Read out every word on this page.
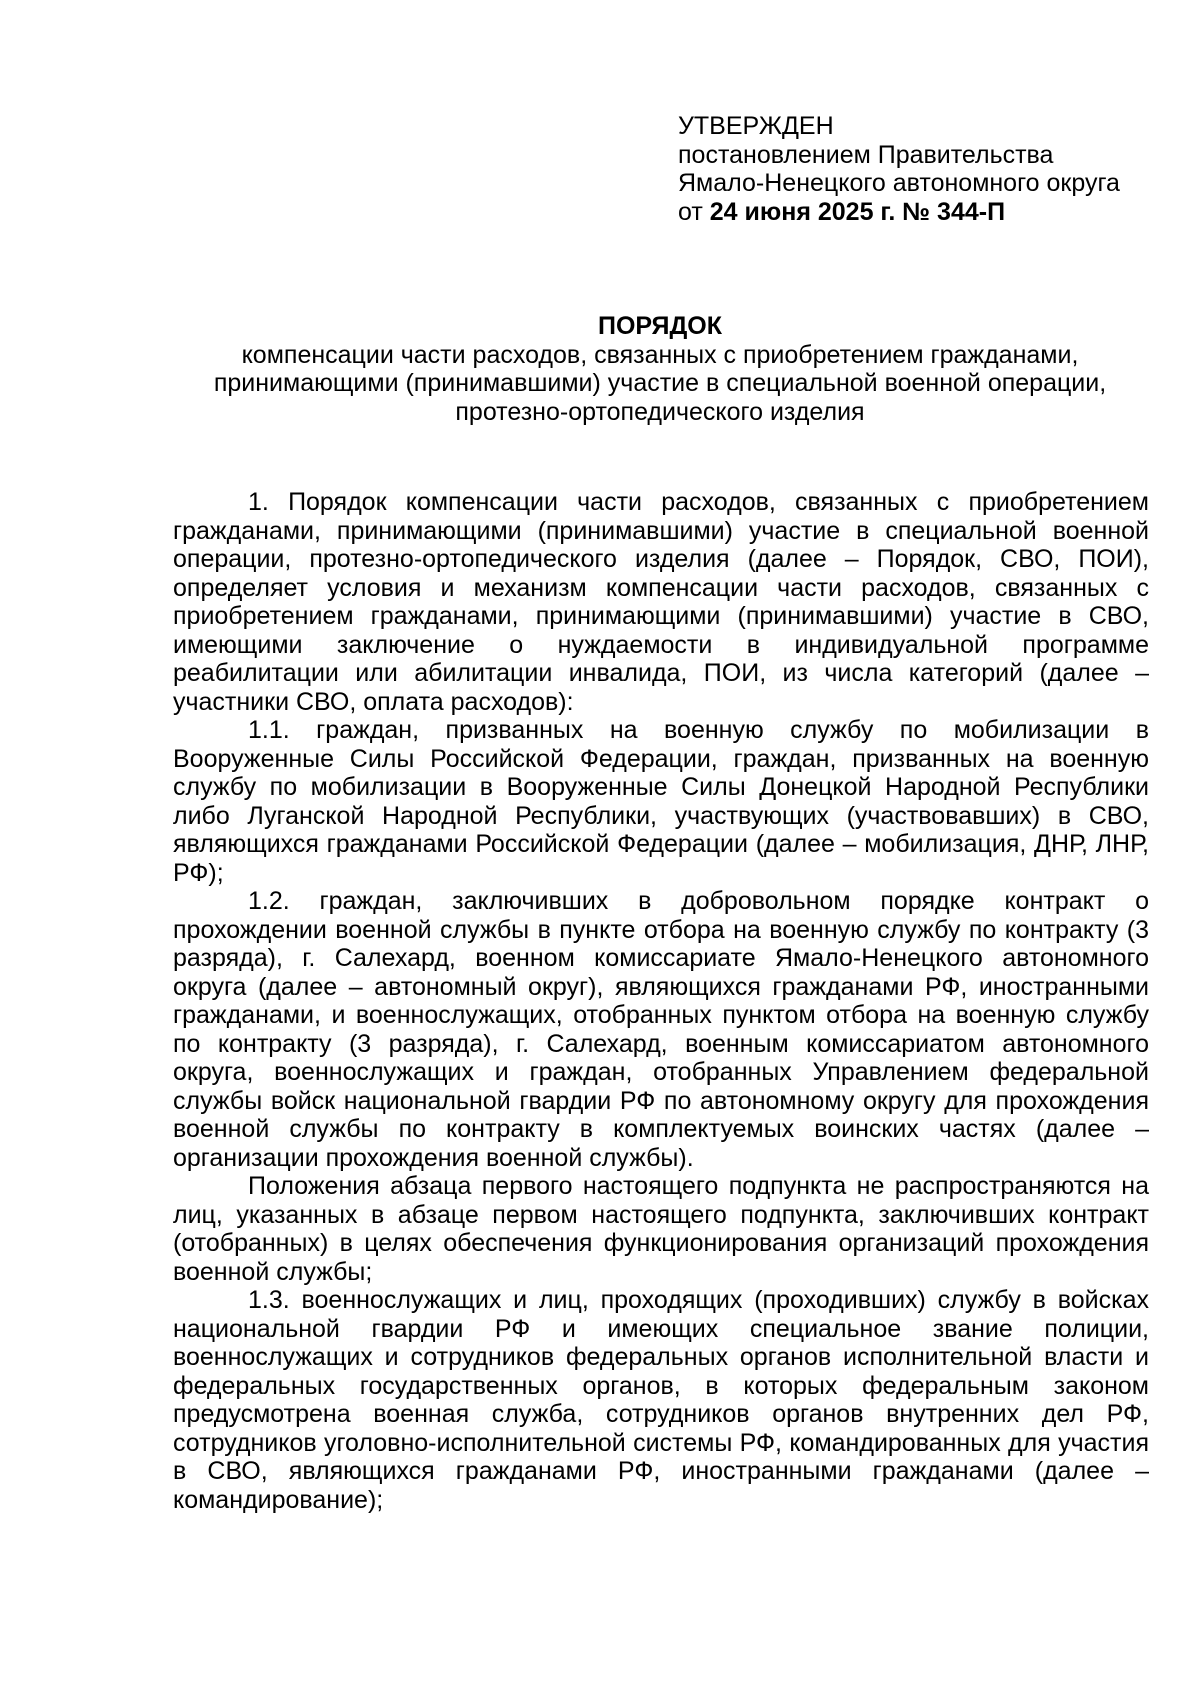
УТВЕРЖДЕН

постановлением Правительства

Ямало-Ненецкого автономного округа

от 24 июня 2025 г. № 344-П

ПОРЯДОК

компенсации части расходов, связанных с приобретением гражданами,

принимающими (принимавшими) участие в специальной военной операции,

протезно-ортопедического изделия

1. Порядок компенсации части расходов, связанных с приобретением гражданами, принимающими (принимавшими) участие в специальной военной операции, протезно-ортопедического изделия (далее – Порядок, СВО, ПОИ), определяет условия и механизм компенсации части расходов, связанных с приобретением гражданами, принимающими (принимавшими) участие в СВО, имеющими заключение о нуждаемости в индивидуальной программе реабилитации или абилитации инвалида, ПОИ, из числа категорий (далее – участники СВО, оплата расходов):

1.1. граждан, призванных на военную службу по мобилизации в Вооруженные Силы Российской Федерации, граждан, призванных на военную службу по мобилизации в Вооруженные Силы Донецкой Народной Республики либо Луганской Народной Республики, участвующих (участвовавших) в СВО, являющихся гражданами Российской Федерации (далее – мобилизация, ДНР, ЛНР, РФ);

1.2. граждан, заключивших в добровольном порядке контракт о прохождении военной службы в пункте отбора на военную службу по контракту (3 разряда), г. Салехард, военном комиссариате Ямало-Ненецкого автономного округа (далее – автономный округ), являющихся гражданами РФ, иностранными гражданами, и военнослужащих, отобранных пунктом отбора на военную службу по контракту (3 разряда), г. Салехард, военным комиссариатом автономного округа, военнослужащих и граждан, отобранных Управлением федеральной службы войск национальной гвардии РФ по автономному округу для прохождения военной службы по контракту в комплектуемых воинских частях (далее – организации прохождения военной службы).

Положения абзаца первого настоящего подпункта не распространяются на лиц, указанных в абзаце первом настоящего подпункта, заключивших контракт (отобранных) в целях обеспечения функционирования организаций прохождения военной службы;

1.3. военнослужащих и лиц, проходящих (проходивших) службу в войсках национальной гвардии РФ и имеющих специальное звание полиции, военнослужащих и сотрудников федеральных органов исполнительной власти и федеральных государственных органов, в которых федеральным законом предусмотрена военная служба, сотрудников органов внутренних дел РФ, сотрудников уголовно-исполнительной системы РФ, командированных для участия в СВО, являющихся гражданами РФ, иностранными гражданами (далее – командирование);
